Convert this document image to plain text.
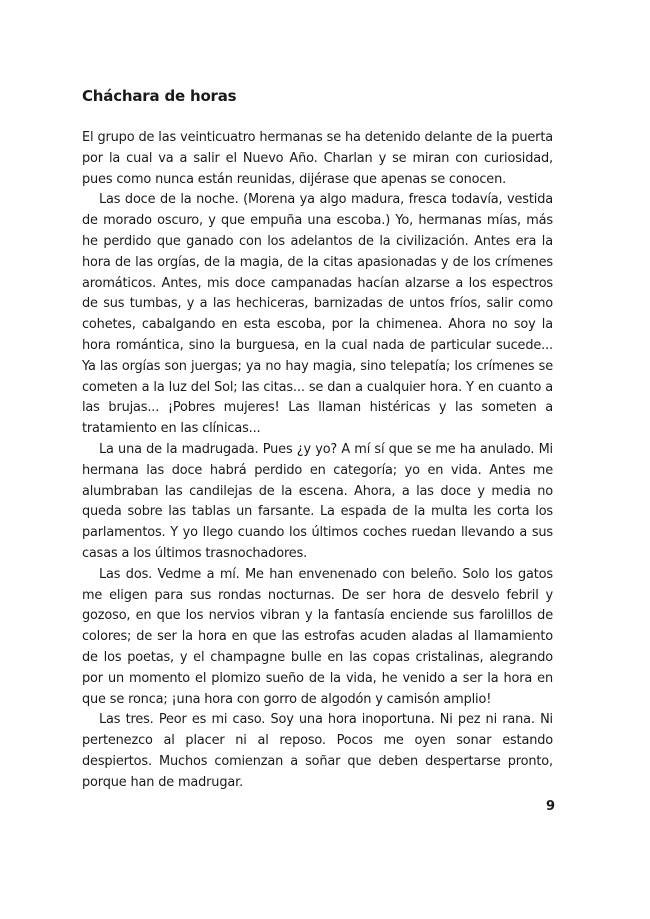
Cháchara de horas

El grupo de las veinticuatro hermanas se ha detenido delante de la puerta por la cual va a salir el Nuevo Año. Charlan y se miran con curiosidad, pues como nunca están reunidas, dijérase que apenas se conocen.

Las doce de la noche. (Morena ya algo madura, fresca todavía, vestida de morado oscuro, y que empuña una escoba.) Yo, hermanas mías, más he perdido que ganado con los adelantos de la civilización. Antes era la hora de las orgías, de la magia, de la citas apasionadas y de los crímenes aromáticos. Antes, mis doce campanadas hacían alzarse a los espectros de sus tumbas, y a las hechiceras, barnizadas de untos fríos, salir como cohetes, cabalgando en esta escoba, por la chimenea. Ahora no soy la hora romántica, sino la burguesa, en la cual nada de particular sucede... Ya las orgías son juergas; ya no hay magia, sino telepatía; los crímenes se cometen a la luz del Sol; las citas... se dan a cualquier hora. Y en cuanto a las brujas... ¡Pobres mujeres! Las llaman histéricas y las someten a tratamiento en las clínicas...

La una de la madrugada. Pues ¿y yo? A mí sí que se me ha anulado. Mi hermana las doce habrá perdido en categoría; yo en vida. Antes me alumbraban las candilejas de la escena. Ahora, a las doce y media no queda sobre las tablas un farsante. La espada de la multa les corta los parlamentos. Y yo llego cuando los últimos coches ruedan llevando a sus casas a los últimos trasnochadores.

Las dos. Vedme a mí. Me han envenenado con beleño. Solo los gatos me eligen para sus rondas nocturnas. De ser hora de desvelo febril y gozoso, en que los nervios vibran y la fantasía enciende sus farolillos de colores; de ser la hora en que las estrofas acuden aladas al llamamiento de los poetas, y el champagne bulle en las copas cristalinas, alegrando por un momento el plomizo sueño de la vida, he venido a ser la hora en que se ronca; ¡una hora con gorro de algodón y camisón amplio!

Las tres. Peor es mi caso. Soy una hora inoportuna. Ni pez ni rana. Ni pertenezco al placer ni al reposo. Pocos me oyen sonar estando despiertos. Muchos comienzan a soñar que deben despertarse pronto, porque han de madrugar.

9
